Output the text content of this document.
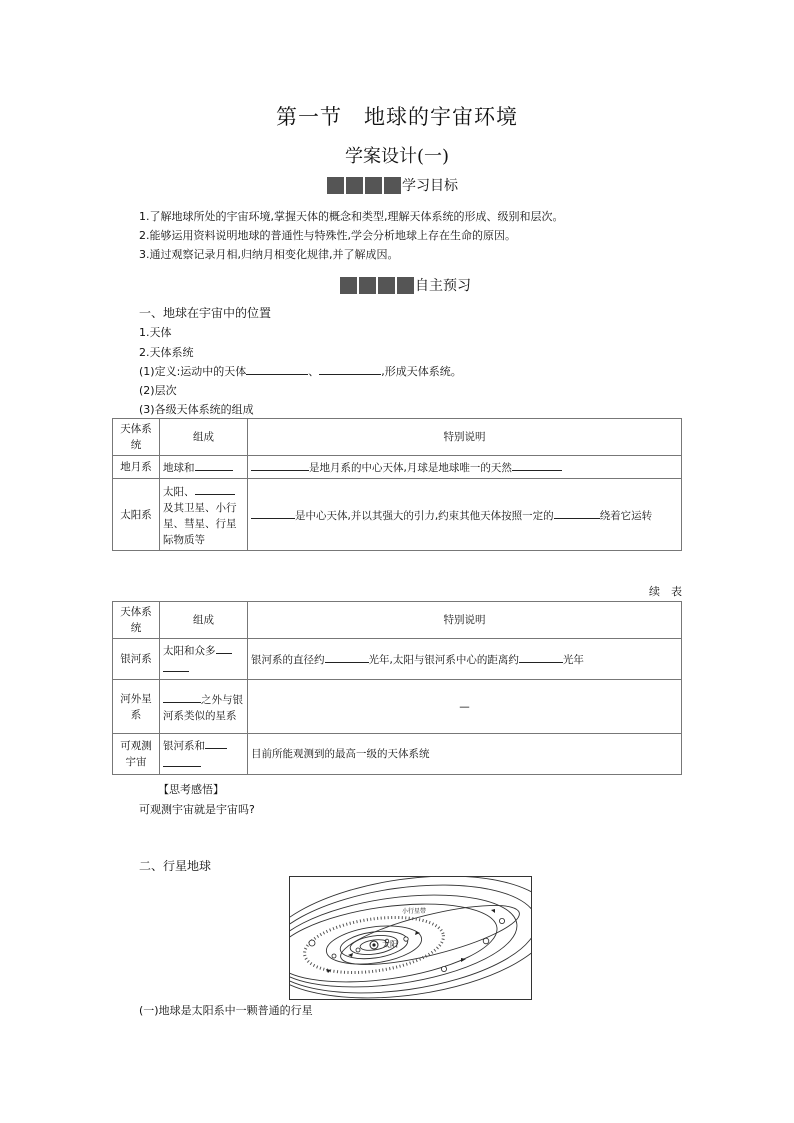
第一节　地球的宇宙环境
学案设计(一)
学习目标
1.了解地球所处的宇宙环境,掌握天体的概念和类型,理解天体系统的形成、级别和层次。
2.能够运用资料说明地球的普通性与特殊性,学会分析地球上存在生命的原因。
3.通过观察记录月相,归纳月相变化规律,并了解成因。
自主预习
一、地球在宇宙中的位置
1.天体
2.天体系统
(1)定义:运动中的天体	、	,形成天体系统。
(2)层次
(3)各级天体系统的组成
天体系统	组成	特别说明
地月系	地球和	是地月系的中心天体,月球是地球唯一的天然
太阳系	太阳、及其卫星、小行星、彗星、行星际物质等	是中心天体,并以其强大的引力,约束其他天体按照一定的 绕着它运转
续　表
天体系统	组成	特别说明
银河系	太阳和众多	银河系的直径约 光年,太阳与银河系中心的距离约 光年
河外星系	之外与银河系类似的星系	—
可观测宇宙	银河系和	目前所能观测到的最高一级的天体系统
【思考感悟】
可观测宇宙就是宇宙吗?
二、行星地球
太阳
小行星带
(一)地球是太阳系中一颗普通的行星
